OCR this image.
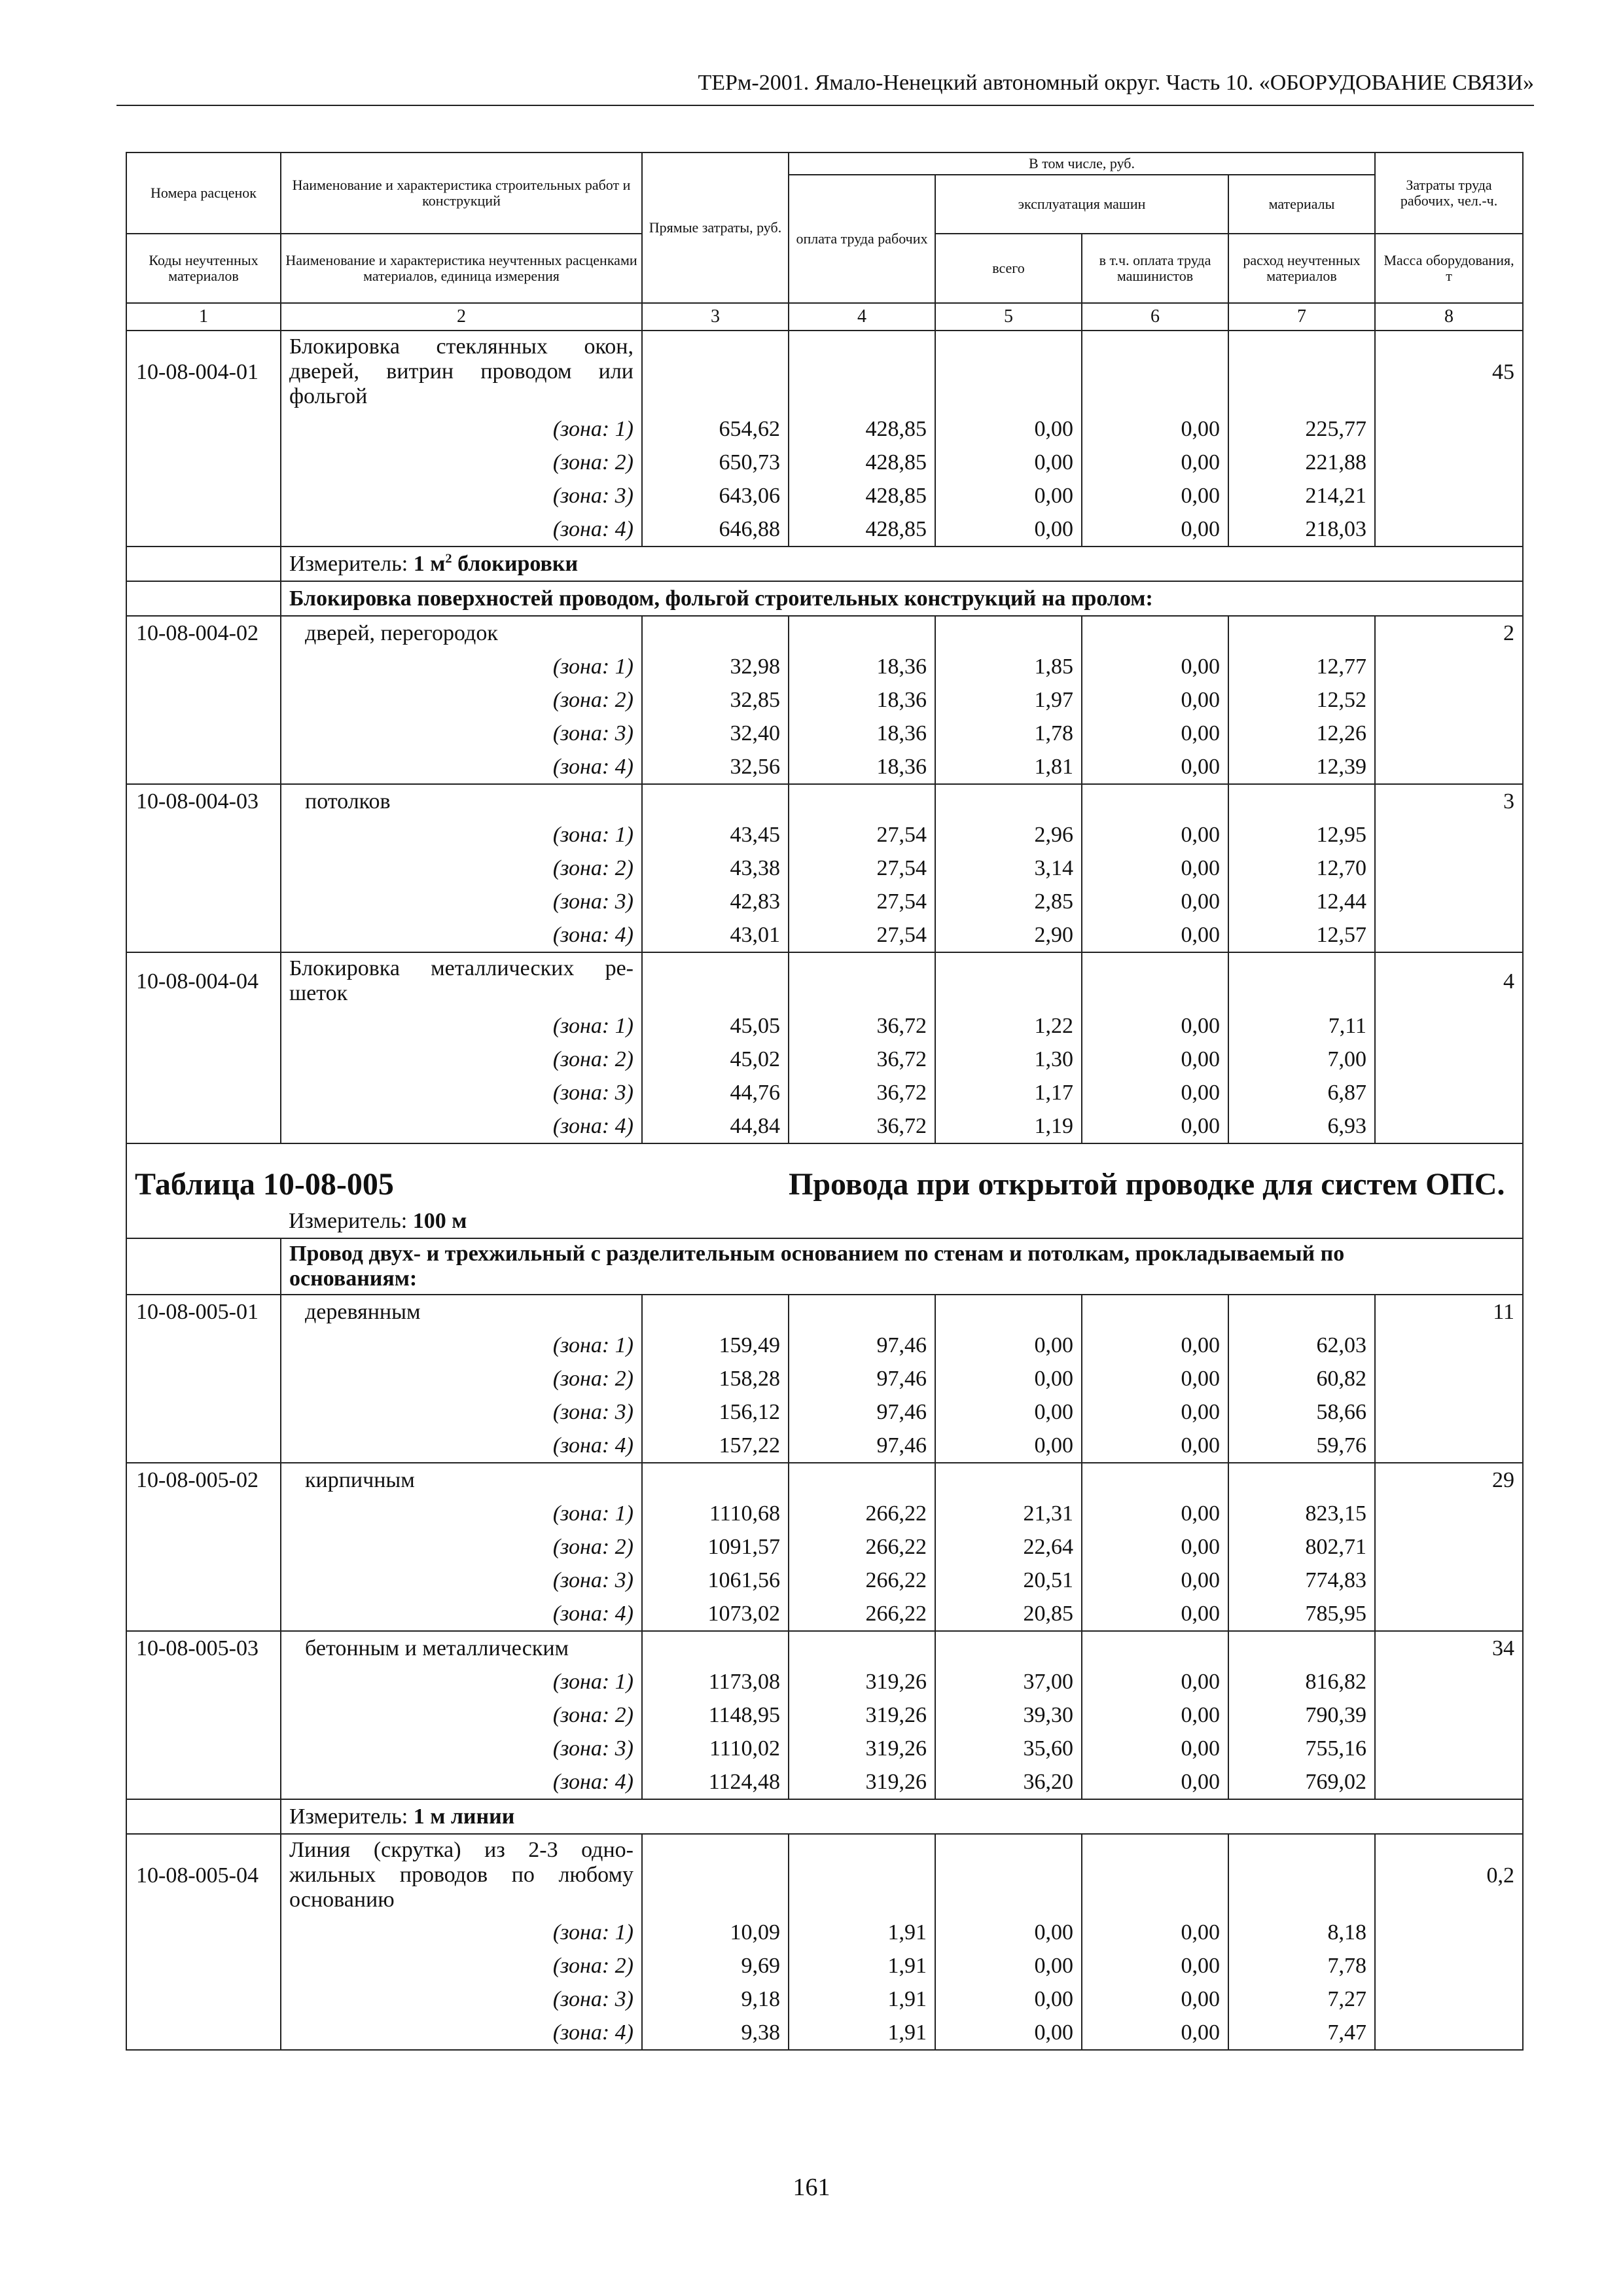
ТЕРм-2001. Ямало-Ненецкий автономный округ. Часть 10. «ОБОРУДОВАНИЕ СВЯЗИ»
Номера расценок	Наименование и характеристика строительных работ и конструкций	Прямые затраты, руб.	В том числе, руб.				Затраты труда рабочих, чел.-ч.
			оплата труда рабочих	эксплуатация машин		материалы	
Коды неучтенных материалов	Наименование и характеристика неучтенных расценками материалов, единица измерения			всего	в т.ч. оплата труда машинистов	расход неучтенных материалов	Масса оборудования, т

1	2	3	4	5	6	7	8
10-08-004-01	Блокировка стеклянных окон, дверей, витрин проводом или фольгой						45
	(зона: 1)	654,62	428,85	0,00	0,00	225,77	
	(зона: 2)	650,73	428,85	0,00	0,00	221,88	
	(зона: 3)	643,06	428,85	0,00	0,00	214,21	
	(зона: 4)	646,88	428,85	0,00	0,00	218,03	
	Измеритель: 1 $м^2$ блокировки						
	Блокировка поверхностей проводом, фольгой строительных конструкций на пролом:						
10-08-004-02	дверей, перегородок						2
	(зона: 1)	32,98	18,36	1,85	0,00	12,77	
	(зона: 2)	32,85	18,36	1,97	0,00	12,52	
	(зона: 3)	32,40	18,36	1,78	0,00	12,26	
	(зона: 4)	32,56	18,36	1,81	0,00	12,39	
10-08-004-03	потолков						3
	(зона: 1)	43,45	27,54	2,96	0,00	12,95	
	(зона: 2)	43,38	27,54	3,14	0,00	12,70	
	(зона: 3)	42,83	27,54	2,85	0,00	12,44	
	(зона: 4)	43,01	27,54	2,90	0,00	12,57	
10-08-004-04	Блокировка металлических ре-шеток						4
	(зона: 1)	45,05	36,72	1,22	0,00	7,11	
	(зона: 2)	45,02	36,72	1,30	0,00	7,00	
	(зона: 3)	44,76	36,72	1,17	0,00	6,87	
	(зона: 4)	44,84	36,72	1,19	0,00	6,93	
Таблица 10-08-005			Провода при открытой проводке для систем ОПС.				
	Измеритель: 100 м						
	Провод двух- и трехжильный с разделительным основанием по стенам и потолкам, прокладываемый по основаниям:						
10-08-005-01	деревянным						11
	(зона: 1)	159,49	97,46	0,00	0,00	62,03	
	(зона: 2)	158,28	97,46	0,00	0,00	60,82	
	(зона: 3)	156,12	97,46	0,00	0,00	58,66	
	(зона: 4)	157,22	97,46	0,00	0,00	59,76	
10-08-005-02	кирпичным						29
	(зона: 1)	1110,68	266,22	21,31	0,00	823,15	
	(зона: 2)	1091,57	266,22	22,64	0,00	802,71	
	(зона: 3)	1061,56	266,22	20,51	0,00	774,83	
	(зона: 4)	1073,02	266,22	20,85	0,00	785,95	
10-08-005-03	бетонным и металлическим						34
	(зона: 1)	1173,08	319,26	37,00	0,00	816,82	
	(зона: 2)	1148,95	319,26	39,30	0,00	790,39	
	(зона: 3)	1110,02	319,26	35,60	0,00	755,16	
	(зона: 4)	1124,48	319,26	36,20	0,00	769,02	
	Измеритель: 1 м линии						
10-08-005-04	Линия (скрутка) из 2-3 одно-жильных проводов по любому основанию						0,2
	(зона: 1)	10,09	1,91	0,00	0,00	8,18	
	(зона: 2)	9,69	1,91	0,00	0,00	7,78	
	(зона: 3)	9,18	1,91	0,00	0,00	7,27	
	(зона: 4)	9,38	1,91	0,00	0,00	7,47	
161
